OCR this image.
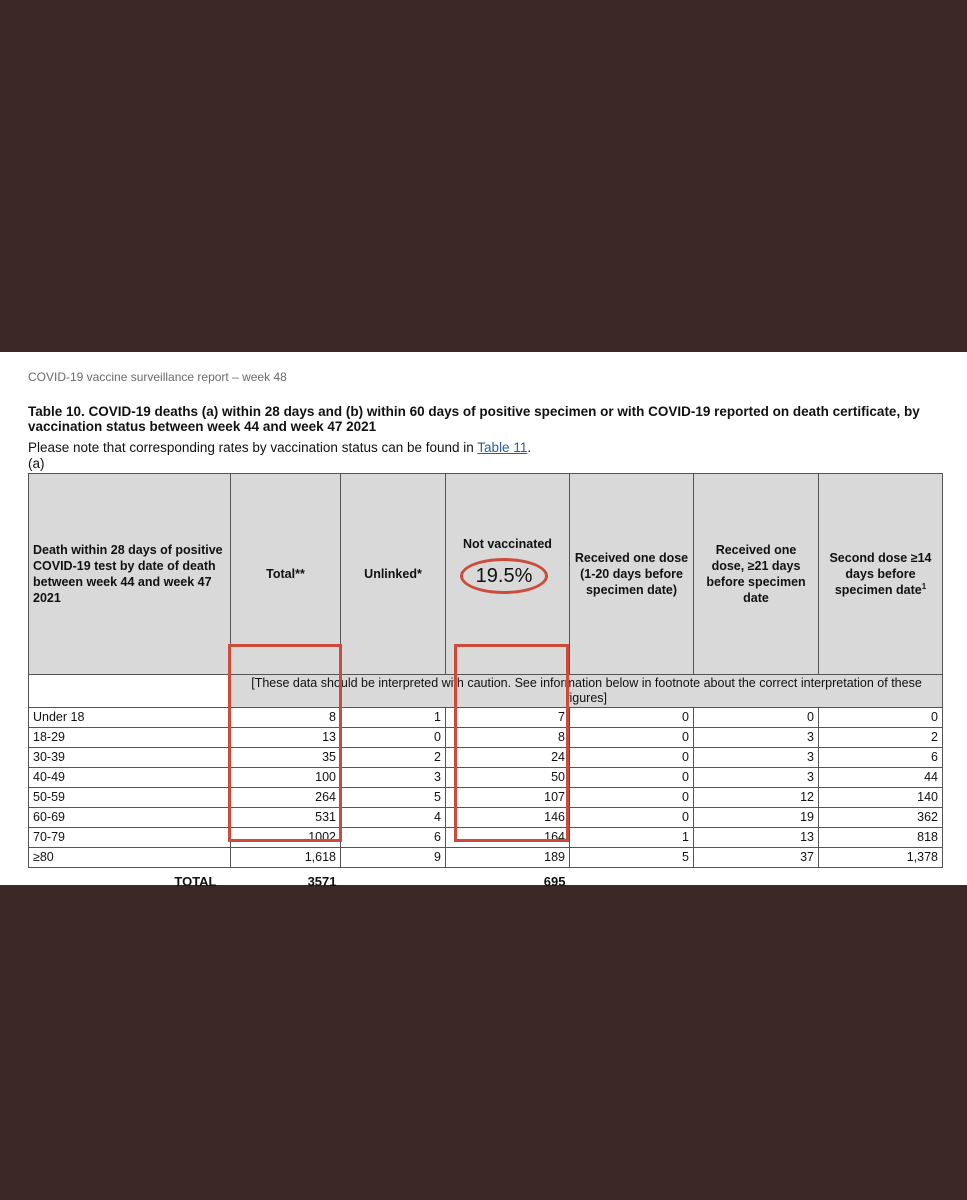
COVID-19 vaccine surveillance report – week 48
Table 10. COVID-19 deaths (a) within 28 days and (b) within 60 days of positive specimen or with COVID-19 reported on death certificate, by vaccination status between week 44 and week 47 2021
Please note that corresponding rates by vaccination status can be found in Table 11.
(a)
Death within 28 days of positive COVID-19 test by date of death between week 44 and week 47 2021	Total**	Unlinked*	Not vaccinated	Received one dose (1-20 days before specimen date)	Received one dose, ≥21 days before specimen date	Second dose ≥14 days before specimen date$^1$
	[These data should be interpreted with caution. See information below in footnote about the correct interpretation of these figures]					
Under 18	8	1	7	0	0	0
18-29	13	0	8	0	3	2
30-39	35	2	24	0	3	6
40-49	100	3	50	0	3	44
50-59	264	5	107	0	12	140
60-69	531	4	146	0	19	362
70-79	1002	6	164	1	13	818
≥80	1,618	9	189	5	37	1,378
TOTAL	3571		695			
19.5%
